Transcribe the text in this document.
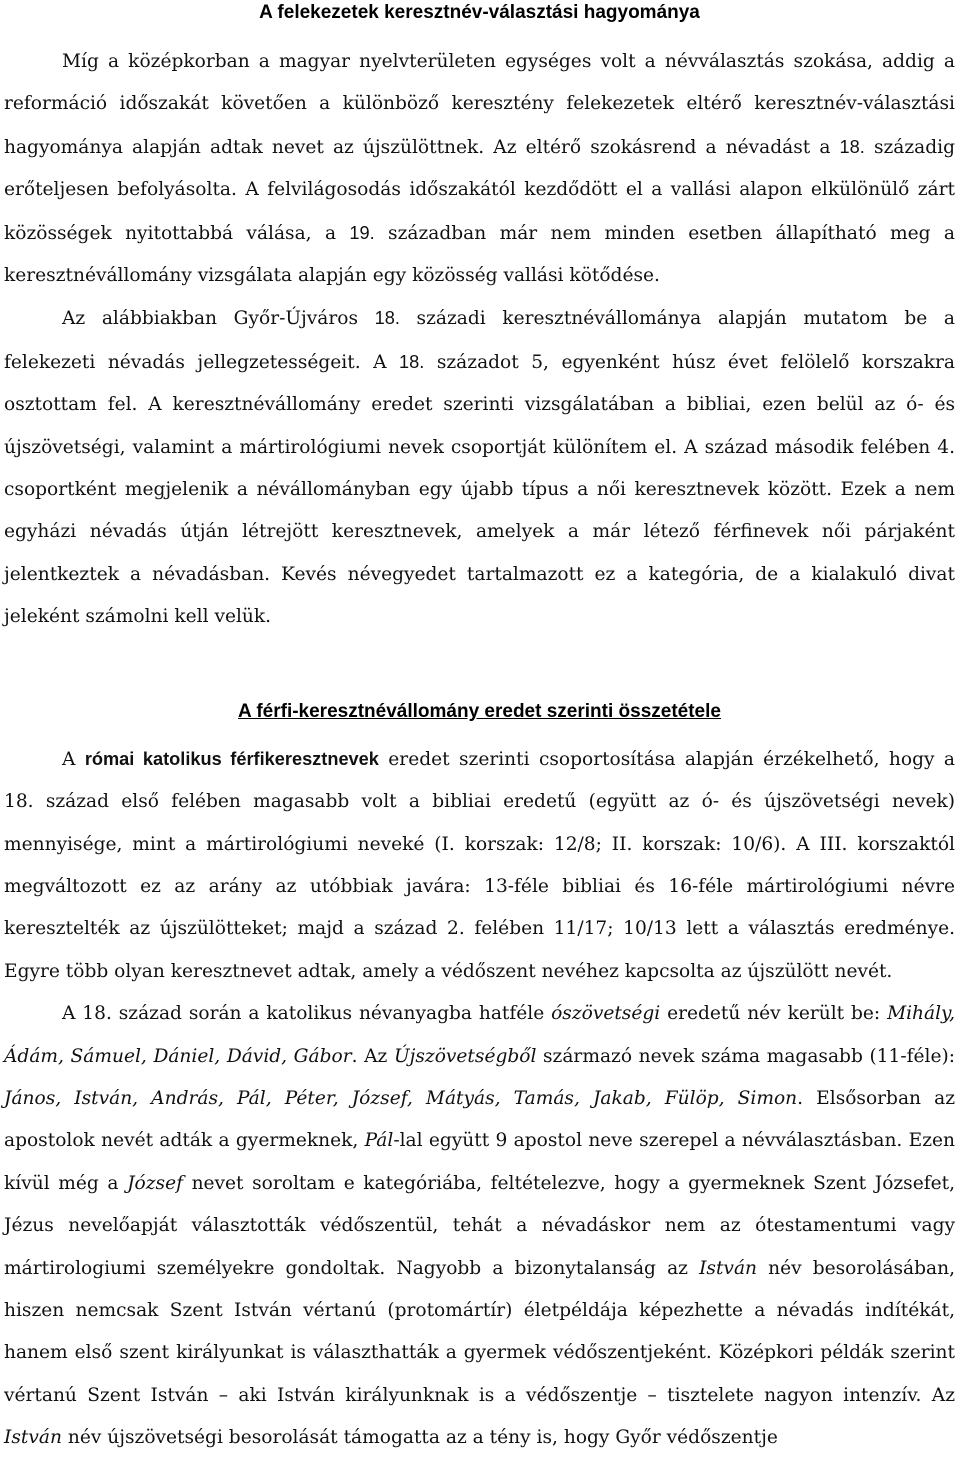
A felekezetek keresztnév-választási hagyománya

Míg a középkorban a magyar nyelvterületen egységes volt a névválasztás szokása, addig a reformáció időszakát követően a különböző keresztény felekezetek eltérő keresztnév-választási hagyománya alapján adtak nevet az újszülöttnek. Az eltérő szokásrend a névadást a 18. századig erőteljesen befolyásolta. A felvilágosodás időszakától kezdődött el a vallási alapon elkülönülő zárt közösségek nyitottabbá válása, a 19. században már nem minden esetben állapítható meg a keresztnévállomány vizsgálata alapján egy közösség vallási kötődése.

Az alábbiakban Győr-Újváros 18. századi keresztnévállománya alapján mutatom be a felekezeti névadás jellegzetességeit. A 18. századot 5, egyenként húsz évet felölelő korszakra osztottam fel. A keresztnévállomány eredet szerinti vizsgálatában a bibliai, ezen belül az ó- és újszövetségi, valamint a mártirológiumi nevek csoportját különítem el. A század második felében 4. csoportként megjelenik a névállományban egy újabb típus a női keresztnevek között. Ezek a nem egyházi névadás útján létrejött keresztnevek, amelyek a már létező férfinevek női párjaként jelentkeztek a névadásban. Kevés névegyedet tartalmazott ez a kategória, de a kialakuló divat jeleként számolni kell velük.

A férfi-keresztnévállomány eredet szerinti összetétele

A római katolikus férfikeresztnevek eredet szerinti csoportosítása alapján érzékelhető, hogy a 18. század első felében magasabb volt a bibliai eredetű (együtt az ó- és újszövetségi nevek) mennyisége, mint a mártirológiumi neveké (I. korszak: 12/8; II. korszak: 10/6). A III. korszaktól megváltozott ez az arány az utóbbiak javára: 13-féle bibliai és 16-féle mártirológiumi névre keresztelték az újszülötteket; majd a század 2. felében 11/17; 10/13 lett a választás eredménye. Egyre több olyan keresztnevet adtak, amely a védőszent nevéhez kapcsolta az újszülött nevét.

A 18. század során a katolikus névanyagba hatféle ószövetségi eredetű név került be: Mihály, Ádám, Sámuel, Dániel, Dávid, Gábor. Az Újszövetségből származó nevek száma magasabb (11-féle): János, István, András, Pál, Péter, József, Mátyás, Tamás, Jakab, Fülöp, Simon. Elsősorban az apostolok nevét adták a gyermeknek, Pál-lal együtt 9 apostol neve szerepel a névválasztásban. Ezen kívül még a József nevet soroltam e kategóriába, feltételezve, hogy a gyermeknek Szent Józsefet, Jézus nevelőapját választották védőszentül, tehát a névadáskor nem az ótestamentumi vagy mártirologiumi személyekre gondoltak. Nagyobb a bizonytalanság az István név besorolásában, hiszen nemcsak Szent István vértanú (protomártír) életpéldája képezhette a névadás indítékát, hanem első szent királyunkat is választhatták a gyermek védőszentjeként. Középkori példák szerint vértanú Szent István – aki István királyunknak is a védőszentje – tisztelete nagyon intenzív. Az István név újszövetségi besorolását támogatta az a tény is, hogy Győr védőszentje
